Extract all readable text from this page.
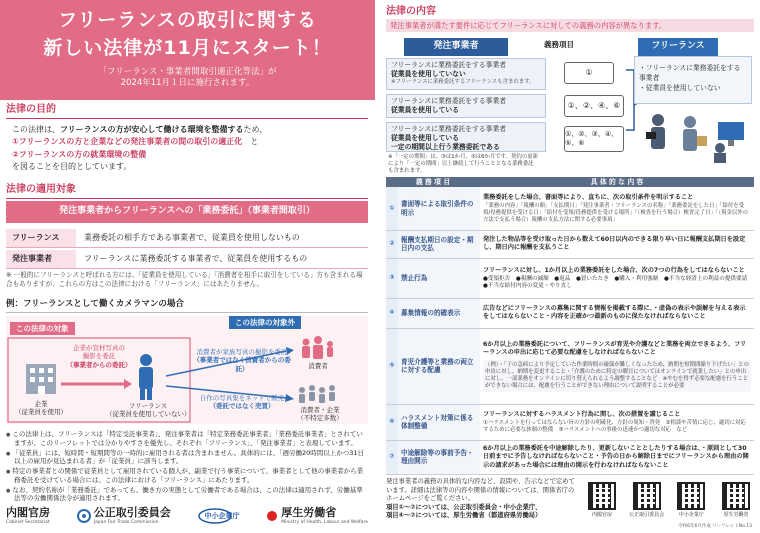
フリーランスの取引に関する
新しい法律が11月にスタート！
「フリーランス・事業者間取引適正化等法」が
2024年11月１日に施行されます。
法律の目的
この法律は、フリーランスの方が安心して働ける環境を整備するため、
①フリーランスの方と企業などの発注事業者の間の取引の適正化　 と
②フリーランスの方の就業環境の整備
を図ることを目的としています。
法律の適用対象
発注事業者からフリーランスへの「業務委託」（事業者間取引）
フリーランス	業務委託の相手方である事業者で、従業員を使用しないもの
発注事業者	フリーランスに業務委託する事業者で、従業員を使用するもの
※ 一般的にフリーランスと呼ばれる方には、「従業員を使用している」「消費者を相手に取引をしている」方も含まれる場合もありますが、これらの方はこの法律における「フリーランス」にはあたりません。
例：フリーランスとして働くカメラマンの場合
この法律の対象
この法律の対象外
企業が宣材写真の
撮影を委託
（事業者からの委託）
企業
（従業員を使用）
フリーランス
（従業員を使用していない）
消費者が家族写真の撮影を委託
（事業者ではなく消費者からの委託）
自作の写真集をネットで販売
（委託ではなく売買）
消費者
消費者・企業
（不特定多数）
● この法律上は、フリーランスは「特定受託事業者」、発注事業者は「特定業務委託事業者」「業務委託事業者」とされていますが、このリーフレットでは分かりやすさを優先し、それぞれ「フリーランス」、「発注事業者」と表現しています。
● 「従業員」には、短時間・短期間等の一時的に雇用される者は含まれません。具体的には、「週労働20時間以上かつ31日以上の雇用が見込まれる者」が「従業員」に該当します。
● 特定の事業者との関係で従業員として雇用されている個人が、副業で行う事業について、事業者として他の事業者から業務委託を受けている場合には、この法律における「フリーランス」にあたります。
● なお、契約名称が「業務委託」であっても、働き方の実態として労働者である場合は、この法律は適用されず、労働基準法等の労働関係法令が適用されます。
内閣官房
Cabinet Secretariat
公正取引委員会
Japan Fair Trade Commission
中小企業庁	厚生労働省
Ministry of Health, Labour and Welfare
法律の内容
発注事業者が満たす要件に応じてフリーランスに対しての義務の内容が異なります。
発注事業者	義務項目	フリーランス
フリーランスに業務委託をする事業者
従業員を使用していない
※フリーランスに業務委託するフリーランスも含まれます。
①
フリーランスに業務委託をする事業者
従業員を使用している	①、②、④、⑥
フリーランスに業務委託をする事業者
従業員を使用している
一定の期間以上行う業務委託である
①、②、③、④、⑤、⑥
※「一定の期間」は、③は1か月、⑤は6か月です。契約の更新により「一定の期間」以上継続して行うこととなる業務委託も含まれます。
・フリーランスに業務委託をする事業者
・従業員を使用していない
義 務 項 目		具 体 的 な 内 容
①	書面等による取引条件の明示	業務委託をした場合、書面等により、直ちに、次の取引条件を明示すること
「業務の内容」「報酬の額」「支払期日」「発注事業者・フリーランスの名称」「業務委託をした日」「給付を受領/役務提供を受ける日」「給付を受領/役務提供を受ける場所」「（検査を行う場合）検査完了日」「（現金以外の方法で支払う場合）報酬の支払方法に関する必要事項」

②	報酬支払期日の設定・期日内の支払	発注した物品等を受け取った日から数えて60日以内のできる限り早い日に報酬支払期日を設定し、期日内に報酬を支払うこと
③	禁止行為	フリーランスに対し、1か月以上の業務委託をした場合、次の7つの行為をしてはならないこと
●受領拒否　●報酬の減額　●返品　●買いたたき　●購入・利用強制　●不当な経済上の利益の提供要請　●不当な給付内容の変更・やり直し

④	募集情報の的確表示	広告などにフリーランスの募集に関する情報を掲載する際に、・虚偽の表示や誤解を与える表示をしてはならないこと・内容を正確かつ最新のものに保たなければならないこと
⑤	育児介護等と業務の両立に対する配慮	6か月以上の業務委託について、フリーランスが育児や介護などと業務を両立できるよう、フリーランスの申出に応じて必要な配慮をしなければならないこと
（例）・「子の急病により予定していた作業時間の確保が難しくなったため、納期を短期間繰り下げたい」との申出に対し、納期を変更すること・「介護のために特定の曜日についてはオンラインで就業したい」との申出に対し、一部業務をオンラインに切り替えられるよう調整することなど　※やむを得ず必要な配慮を行うことができない場合には、配慮を行うことができない理由について説明することが必要

⑥	ハラスメント対策に係る体制整備	フリーランスに対するハラスメント行為に関し、次の措置を講じること
①ハラスメントを行ってはならない旨の方針の明確化、方針の周知・啓発　②相談や苦情に応じ、適切に対応するために必要な体制の整備　③ハラスメントへの事後の迅速かつ適切な対応　など

⑦	中途解除等の事前予告・理由開示	6か月以上の業務委託を中途解除したり、更新しないこととしたりする場合は、・原則として30日前までに予告しなければならないこと・予告の日から解除日までにフリーランスから理由の開示の請求があった場合には理由の開示を行わなければならないこと
発注事業者の義務の具体的な内容など、設問や、告示などで定めています。詳細は法律等の内容や関係の情報については、関係省庁のホームページをご覧ください。
項目①〜⑦については、公正取引委員会・中小企業庁、
項目④〜⑦については、厚生労働省（都道府県労働局）	内閣官房	公正取引委員会	中小企業庁	厚生労働省
令和6年6月作成 リーフレットNo.13
